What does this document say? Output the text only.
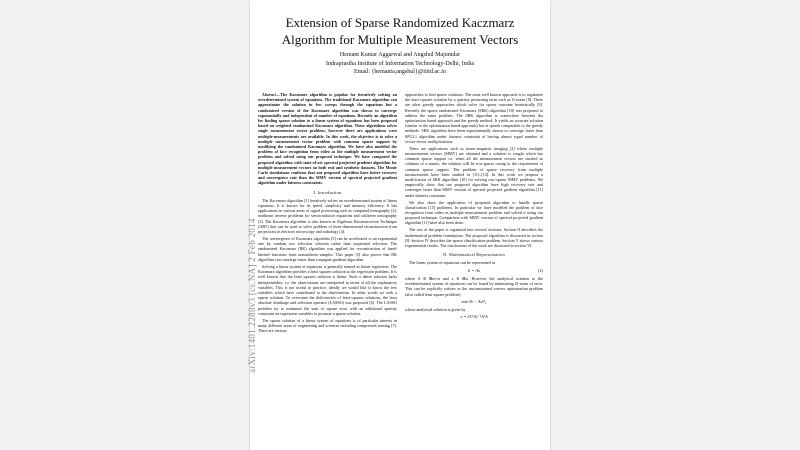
arXiv:1401.2288v3 [cs.NA] 2 Feb 2014
Extension of Sparse Randomized Kaczmarz
Algorithm for Multiple Measurement Vectors
Hemant Kumar Aggarwal and Angshul Majumdar
Indraprastha Institute of Information Technology-Delhi, India
Email: {hemanta,angshul}@iiitd.ac.in

Abstract—The Kaczmarz algorithm is popular for iteratively solving an overdetermined system of equations. The traditional Kaczmarz algorithm can approximate the solution in few sweeps through the equations but a randomized version of the Kaczmarz algorithm was shown to converge exponentially and independent of number of equations. Recently an algorithm for finding sparse solution to a linear system of equations has been proposed based on weighted randomized Kaczmarz algorithm. These algorithms solves single measurement vector problem; however there are applications were multiple-measurements are available. In this work, the objective is to solve a multiple measurement vector problem with common sparse support by modifying the randomized Kaczmarz algorithm. We have also modeled the problem of face recognition from video as the multiple measurement vector problem and solved using our proposed technique. We have compared the proposed algorithm with state-of-art spectral projected gradient algorithm for multiple measurement vectors on both real and synthetic datasets. The Monte Carlo simulations confirms that our proposed algorithm have better recovery and convergence rate than the MMV version of spectral projected gradient algorithm under fairness constraints.

I. Introduction

The Kaczmarz algorithm [1] iteratively solves an overdetermined system of linear equations. It is known for its speed, simplicity and memory efficiency. It has applications in various areas of signal processing such as computed tomography [2], nonlinear inverse problems for semiconductor equations and schlieren tomography [3]. The Kaczmarz algorithm is also known as Algebraic Reconstruction Technique (ART) that can be used to solve problem of three-dimensional reconstruction from projections in electron microscopy and radiology [4].

The convergence of Kaczmarz algorithm [5] can be accelerated to an exponential rate by random row selection criterion rather than sequential selection. The randomized Kaczmarz (RK) algorithm was applied for reconstruction of band-limited functions from nonuniform samples. This paper [5] also proves that RK algorithm can converge faster than conjugate gradient algorithm.

Solving a linear system of equations is generally termed as linear regression. The Kaczmarz algorithm provides a least squares solution to the regression problem. It is well known that the least squares solution is dense. Such a dense solution lacks interpretability; i.e. the observations are interpreted in terms of all the explanatory variables. This is not useful in practice; ideally we would like to know the few variables which have contributed to the observations. In other words we seek a sparse solution. To overcome the deficiencies of least-squares solutions, the least absolute shrinkage and selection operator (LASSO) was proposed [6]. The LASSO problem try to minimize the sum of square error with an additional sparsity constraint on regression variables to promote a sparse solution.

The sparse solution of a linear system of equations is of particular interest in many different areas of engineering and sciences including compressed sensing [7]. There are various

approaches to find sparse solutions. The most well known approach is to regularize the least squares solution by a sparsity promoting term such as l1-norm [8]. There are other greedy approaches which solve for sparse outcome heuristically [9]. Recently the sparse randomized Kaczmarz (SRK) algorithm [10] was proposed to address the same problem. The SRK algorithm is somewhere between the optimization based approach and the greedy method. It yields an accurate solution (similar to the optimization based approach) but at speeds comparable to the greedy methods. SRK algorithm have been experimentally shown to converge faster than SPGL1 algorithm under fairness constraint of having almost equal number of vector-vector multiplications.

There are applications such as neuro-magnetic imaging [2] where multiple measurements vectors (MMV) are obtained and a solution is sought which has common sparse support i.e. when all the measurement vectors are stacked as columns of a matrix, the solution will be row-sparse owing to the requirement of common sparse support. The problem of sparse recovery from multiple measurements have been studied in [11]–[14]. In this work we propose a modification of SRK algorithm [10] for solving row-sparse MMV problems. We empirically show that our proposed algorithm have high recovery rate and converges faster than MMV version of spectral projected gradient algorithm [11] under fairness constraint.

We also show the application of proposed algorithm to handle sparse classification [15] problems. In particular we have modeled the problem of face recognition from video as multiple measurement problem and solved it using our proposed technique. Comparison with MMV version of spectral projected gradient algorithm [11] have also been done.

The rest of the paper is organized into several sections. Section II describes the mathematical problem formulation. The proposed algorithm is discussed in section III. Section IV describes the sparse classification problem. Section V shows various experimental results. The conclusions of the work are discussed in section VI.

II. Mathematical Representation

The linear system of equations can be represented as

b = Ax	(1)

where A ∈ ℝm×n and x ∈ ℝn. However the analytical solution to the overdetermined system of equations can be found by minimizing l2-norm of error. This can be explicitly written as the unconstrained convex optimization problem (also called least-square problem) :

min ‖b − Ax‖²₂

whose analytical solution is given by

x = (AᵀA)⁻¹Aᵀb
